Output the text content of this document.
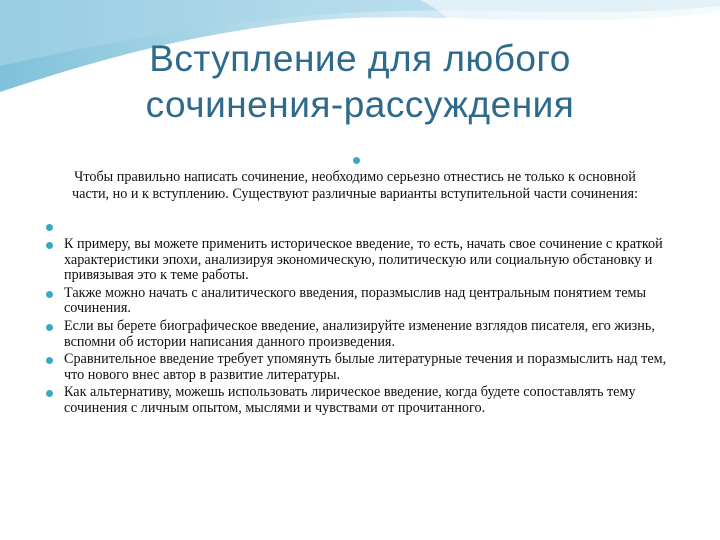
Вступление для любого
сочинения-рассуждения
Чтобы правильно написать сочинение, необходимо серьезно отнестись не только к основной части, но и к вступлению. Существуют различные варианты вступительной части сочинения:
К примеру, вы можете применить историческое введение, то есть, начать свое сочинение с краткой характеристики эпохи, анализируя экономическую, политическую или социальную обстановку и привязывая это к теме работы.
Также можно начать с аналитического введения, поразмыслив над центральным понятием темы сочинения.
Если вы берете биографическое введение, анализируйте изменение взглядов писателя, его жизнь, вспомни об истории написания данного произведения.
Сравнительное введение требует упомянуть былые литературные течения и поразмыслить над тем, что нового внес автор в развитие литературы.
Как альтернативу, можешь использовать лирическое введение, когда будете сопоставлять тему сочинения с личным опытом, мыслями и чувствами от прочитанного.
